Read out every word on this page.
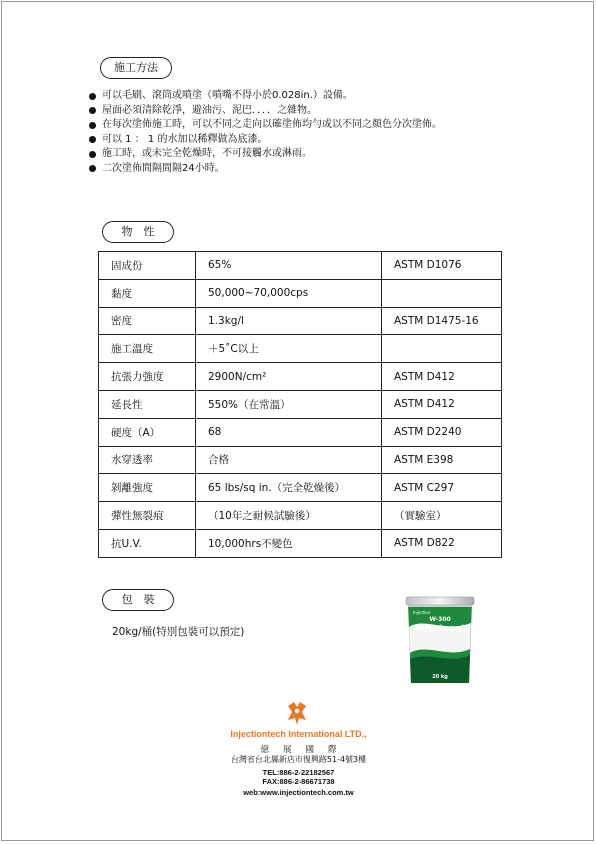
施工方法
可以毛刷、滾筒或噴塗（噴嘴不得小於0.028in.）設備。
屋面必須清除乾淨，避油污、泥巴．．．．之雜物。
在每次塗佈施工時，可以不同之走向以確塗佈均勻或以不同之顏色分次塗佈。
可以 1 ： 1 的水加以稀釋做為底漆。
施工時，或未完全乾燥時，不可接觸水或淋雨。
二次塗佈間隔間隔24小時。
物　性
固成份	65%	ASTM D1076
黏度	50,000~70,000cps	
密度	1.3kg/l	ASTM D1475-16
施工溫度	＋5˚C以上	
抗張力強度	2900N/cm²	ASTM D412
延長性	550%（在常溫）	ASTM D412
硬度（A）	68	ASTM D2240
水穿透率	合格	ASTM E398
剝離強度	65 lbs/sq in.（完全乾燥後）	ASTM C297
彈性無裂痕	（10年之耐候試驗後）	（實驗室）
抗U.V.	10,000hrs不變色	ASTM D822
包　裝
20kg/桶(特別包裝可以預定)
Injection
W-300
Injectcoat
20 kg
Injectiontech International LTD.,
億展國際
台灣省台北縣新店市復興路51-4號3樓
TEL:886-2-22182567
FAX:886-2-86671738
web:www.injectiontech.com.tw
